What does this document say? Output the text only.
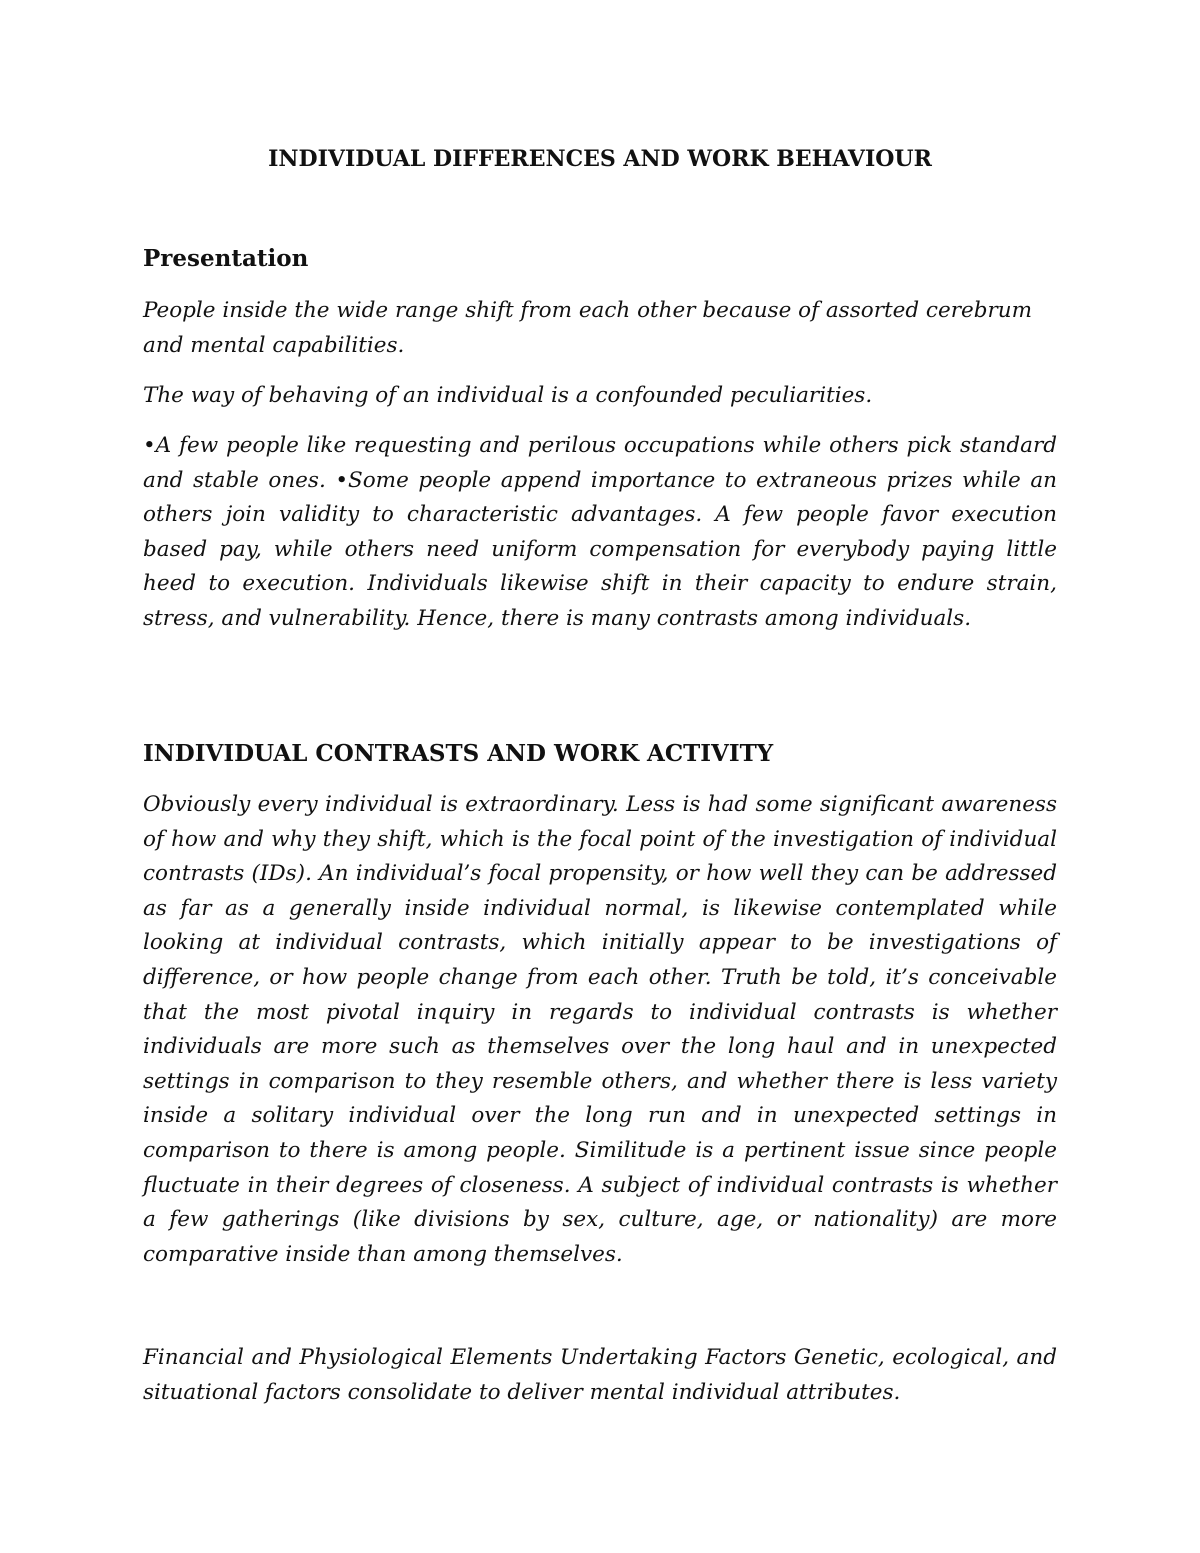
INDIVIDUAL DIFFERENCES AND WORK BEHAVIOUR
Presentation

People inside the wide range shift from each other because of assorted cerebrum and mental capabilities.

The way of behaving of an individual is a confounded peculiarities.

•A few people like requesting and perilous occupations while others pick standard and stable ones. •Some people append importance to extraneous prizes while an others join validity to characteristic advantages. A few people favor execution based pay, while others need uniform compensation for everybody paying little heed to execution. Individuals likewise shift in their capacity to endure strain, stress, and vulnerability. Hence, there is many contrasts among individuals.

INDIVIDUAL CONTRASTS AND WORK ACTIVITY

Obviously every individual is extraordinary. Less is had some significant awareness of how and why they shift, which is the focal point of the investigation of individual contrasts (IDs). An individual’s focal propensity, or how well they can be addressed as far as a generally inside individual normal, is likewise contemplated while looking at individual contrasts, which initially appear to be investigations of difference, or how people change from each other. Truth be told, it’s conceivable that the most pivotal inquiry in regards to individual contrasts is whether individuals are more such as themselves over the long haul and in unexpected settings in comparison to they resemble others, and whether there is less variety inside a solitary individual over the long run and in unexpected settings in comparison to there is among people. Similitude is a pertinent issue since people fluctuate in their degrees of closeness. A subject of individual contrasts is whether a few gatherings (like divisions by sex, culture, age, or nationality) are more comparative inside than among themselves.

Financial and Physiological Elements Undertaking Factors Genetic, ecological, and situational factors consolidate to deliver mental individual attributes.
